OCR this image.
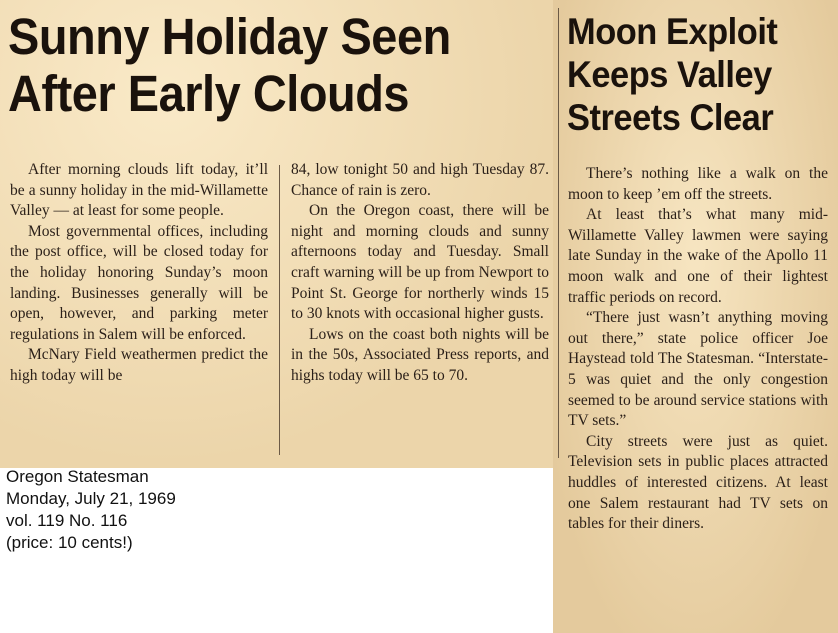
Sunny Holiday Seen
After Early Clouds
Moon Exploit
Keeps Valley
Streets Clear

After morning clouds lift today, it’ll be a sunny holiday in the mid-Willamette Valley — at least for some people.

Most governmental offices, including the post office, will be closed today for the holiday honoring Sunday’s moon landing. Businesses generally will be open, however, and parking meter regulations in Salem will be enforced.

McNary Field weathermen predict the high today will be

84, low tonight 50 and high Tuesday 87. Chance of rain is zero.

On the Oregon coast, there will be night and morning clouds and sunny afternoons today and Tuesday. Small craft warning will be up from Newport to Point St. George for northerly winds 15 to 30 knots with occasional higher gusts.

Lows on the coast both nights will be in the 50s, Associated Press reports, and highs today will be 65 to 70.

There’s nothing like a walk on the moon to keep ’em off the streets.

At least that’s what many mid-Willamette Valley lawmen were saying late Sunday in the wake of the Apollo 11 moon walk and one of their lightest traffic periods on record.

“There just wasn’t anything moving out there,” state police officer Joe Haystead told The Statesman. “Interstate-5 was quiet and the only congestion seemed to be around service stations with TV sets.”

City streets were just as quiet. Television sets in public places attracted huddles of interested citizens. At least one Salem restaurant had TV sets on tables for their diners.

Oregon Statesman
Monday, July 21, 1969
vol. 119 No. 116
(price: 10 cents!)
